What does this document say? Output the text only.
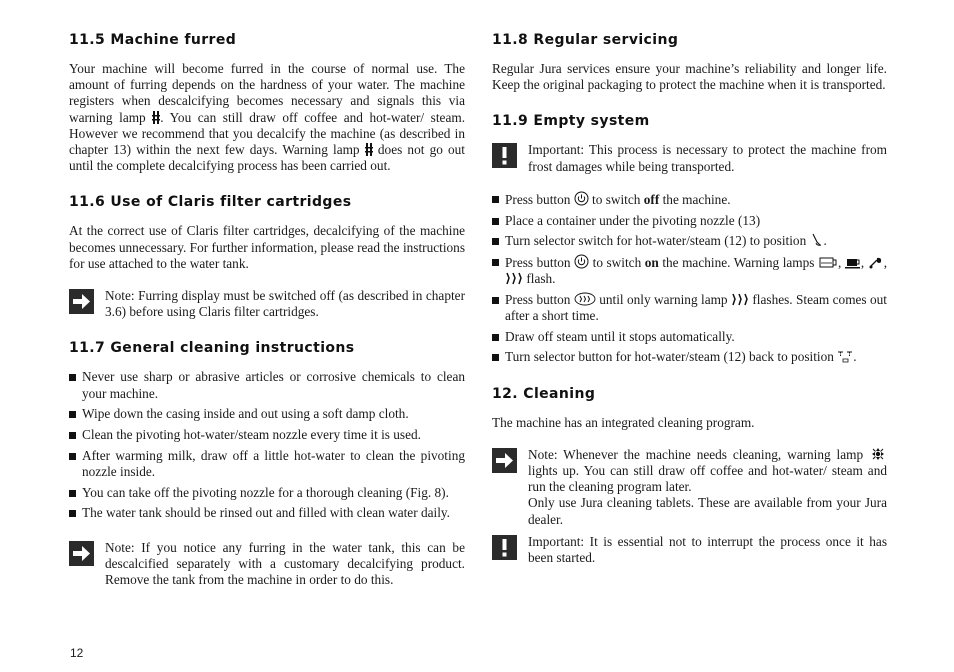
11.5 Machine furred

Your machine will become furred in the course of normal use. The amount of furring depends on the hardness of your water. The machine registers when descalcifying becomes necessary and signals this via warning lamp . You can still draw off coffee and hot-water/ steam. However we recommend that you decalcify the machine (as described in chapter 13) within the next few days. Warning lamp does not go out until the complete decalcifying process has been carried out.

11.6 Use of Claris filter cartridges

At the correct use of Claris filter cartridges, decalcifying of the machine becomes unnecessary. For further information, please read the instructions for use attached to the water tank.

Note: Furring display must be switched off (as described in chapter 3.6) before using Claris filter cartridges.

11.7 General cleaning instructions
Never use sharp or abrasive articles or corrosive chemicals to clean your machine.
Wipe down the casing inside and out using a soft damp cloth.
Clean the pivoting hot-water/steam nozzle every time it is used.
After warming milk, draw off a little hot-water to clean the pivoting nozzle inside.
You can take off the pivoting nozzle for a thorough cleaning (Fig. 8).
The water tank should be rinsed out and filled with clean water daily.

Note: If you notice any furring in the water tank, this can be descalcified separately with a customary decalcifying product. Remove the tank from the machine in order to do this.

11.8 Regular servicing

Regular Jura services ensure your machine’s reliability and longer life. Keep the original packaging to protect the machine when it is transported.

11.9 Empty system

Important: This process is necessary to protect the machine from frost damages while being transported.

Press button to switch off the machine.
Place a container under the pivoting nozzle (13)
Turn selector switch for hot-water/steam (12) to position .
Press button to switch on the machine. Warning lamps , , ,  flash.
Press button until only warning lamp flashes. Steam comes out after a short time.
Draw off steam until it stops automatically.
Turn selector button for hot-water/steam (12) back to position .
12. Cleaning

The machine has an integrated cleaning program.

Note: Whenever the machine needs cleaning, warning lamp  lights up. You can still draw off coffee and hot-water/ steam and run the cleaning program later.

Only use Jura cleaning tablets. These are available from your Jura dealer.

Important: It is essential not to interrupt the process once it has been started.

12
